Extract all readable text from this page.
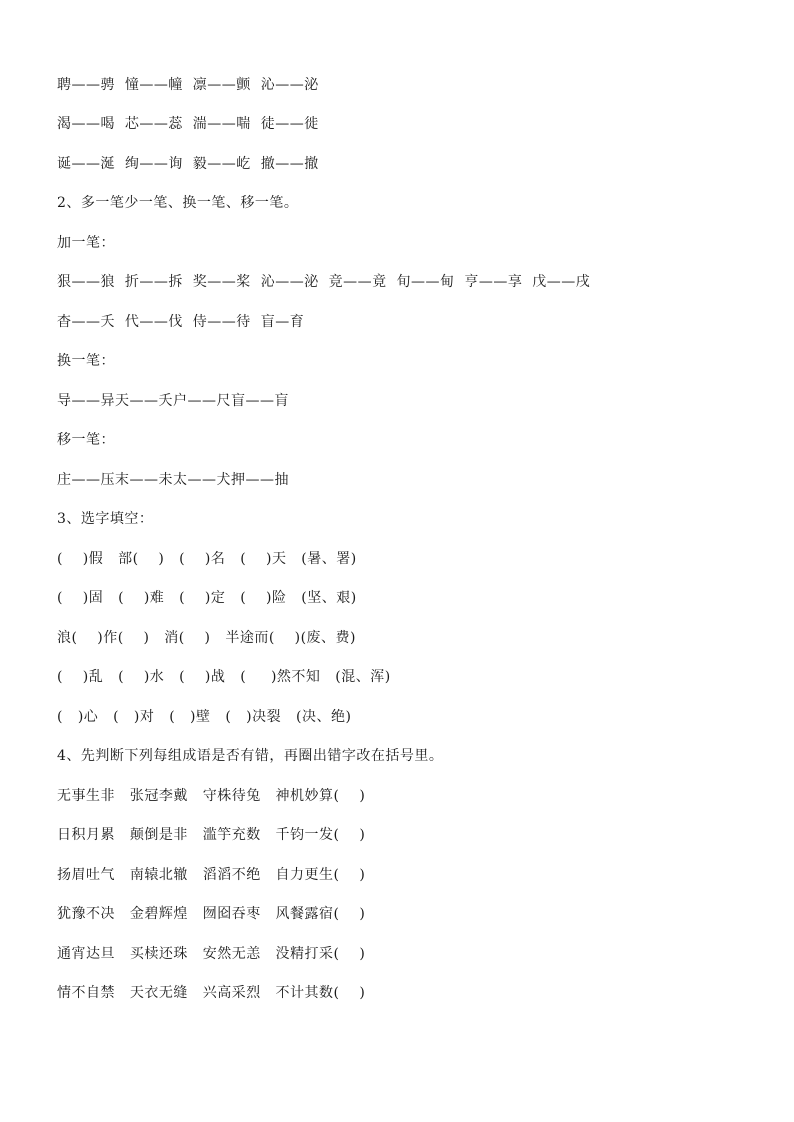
聘——骋  憧——幢  凛——颤  沁——泌
渴——喝  芯——蕊  湍——喘  徒——徙
诞——涎  绚——询  毅——屹  撤——撤
2、多一笔少一笔、换一笔、移一笔。
加一笔：
狠——狼  折——拆  奖——桨  沁——泌  竞——竟  旬——甸  亨——享  戊——戌
杳——夭  代——伐  侍——待  盲—育
换一笔：
导——异天——夭户——尺盲——肓
移一笔：
庄——压末——未太——犬押——抽
3、选字填空：
(    )假   部(    )   (    )名   (    )天   (暑、署)
(    )固   (    )难   (    )定   (    )险   (坚、艰)
浪(    )作(    )   消(    )   半途而(    )(废、费)
(    )乱   (    )水   (    )战   (     )然不知   (混、浑)
(   )心   (   )对   (   )壁   (   )决裂   (决、绝)
4、先判断下列每组成语是否有错，再圈出错字改在括号里。
无事生非   张冠李戴   守株待兔   神机妙算(    )
日积月累   颠倒是非   滥竽充数   千钧一发(    )
扬眉吐气   南辕北辙   滔滔不绝   自力更生(    )
犹豫不决   金碧辉煌   囫囵吞枣   风餐露宿(    )
通宵达旦   买椟还珠   安然无恙   没精打采(    )
情不自禁   天衣无缝   兴高采烈   不计其数(    )
